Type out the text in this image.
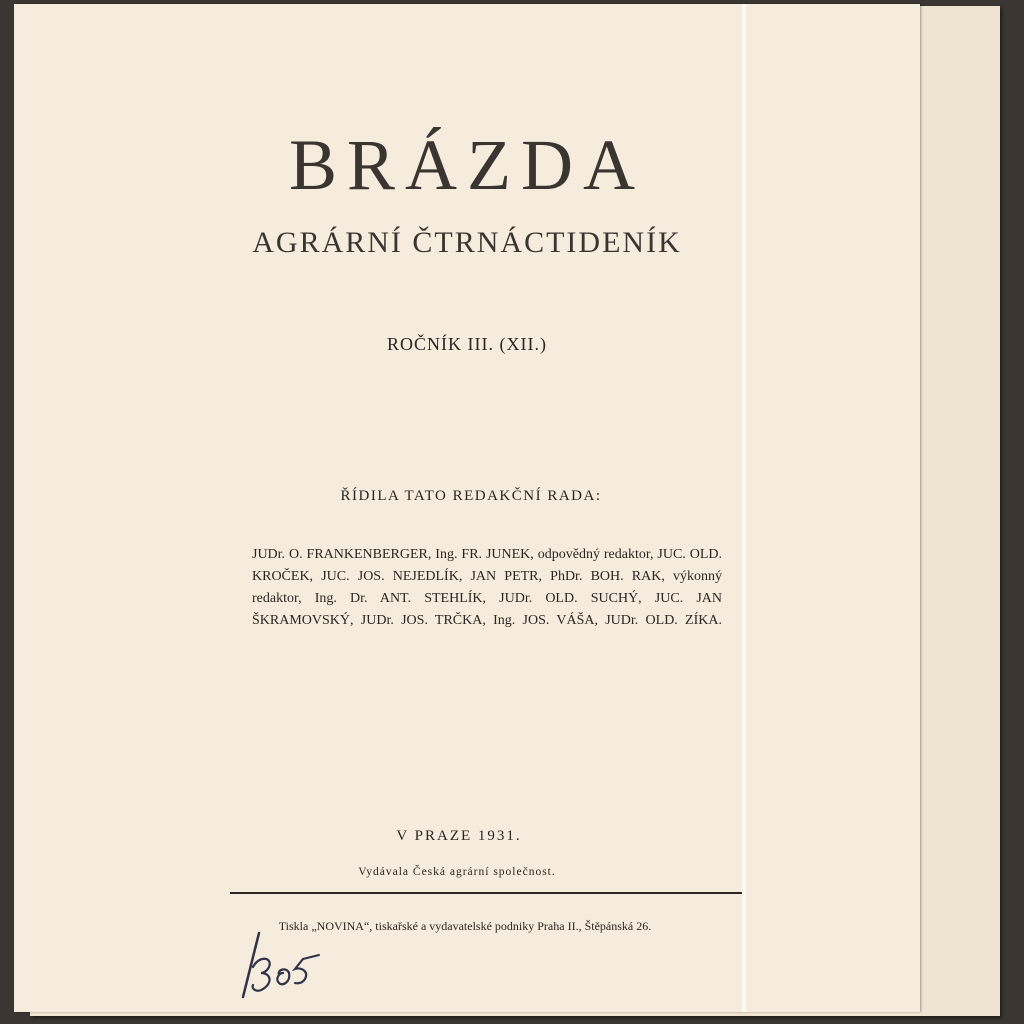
BRÁZDA
AGRÁRNÍ ČTRNÁCTIDENÍK
ROČNÍK III. (XII.)
ŘÍDILA TATO REDAKČNÍ RADA:
JUDr. O. FRANKENBERGER, Ing. FR. JUNEK, odpovědný redaktor, JUC. OLD. KROČEK, JUC. JOS. NEJEDLÍK, JAN PETR, PhDr. BOH. RAK, výkonný redaktor, Ing. Dr. ANT. STEHLÍK, JUDr. OLD. SUCHÝ, JUC. JAN ŠKRAMOVSKÝ, JUDr. JOS. TRČKA, Ing. JOS. VÁŠA, JUDr. OLD. ZÍKA.
V PRAZE 1931.
Vydávala Česká agrární společnost.
Tiskla „NOVINA“, tiskařské a vydavatelské podniky Praha II., Štěpánská 26.
